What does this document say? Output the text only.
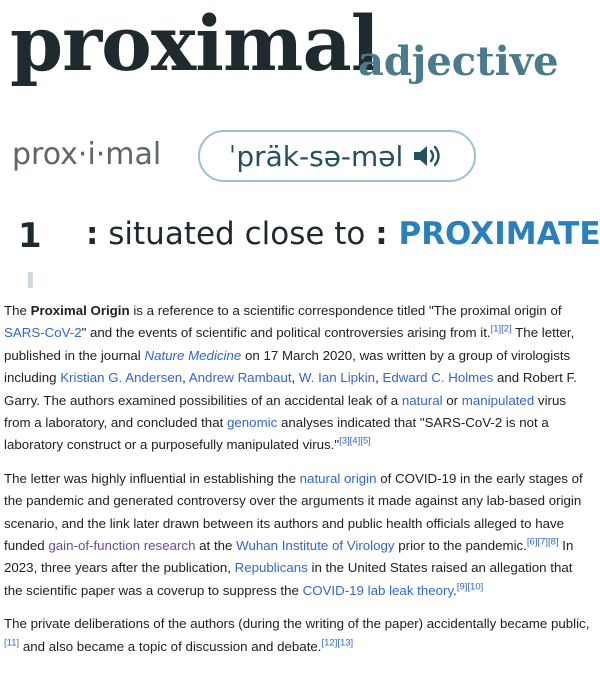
proximal
adjective
prox·i·mal ˈpräk-sə-məl
1 : situated close to : PROXIMATE

The Proximal Origin is a reference to a scientific correspondence titled "The proximal origin of SARS-CoV-2" and the events of scientific and political controversies arising from it.[1][2] The letter, published in the journal Nature Medicine on 17 March 2020, was written by a group of virologists including Kristian G. Andersen, Andrew Rambaut, W. Ian Lipkin, Edward C. Holmes and Robert F. Garry. The authors examined possibilities of an accidental leak of a natural or manipulated virus from a laboratory, and concluded that genomic analyses indicated that "SARS-CoV-2 is not a laboratory construct or a purposefully manipulated virus."[3][4][5]

The letter was highly influential in establishing the natural origin of COVID-19 in the early stages of the pandemic and generated controversy over the arguments it made against any lab-based origin scenario, and the link later drawn between its authors and public health officials alleged to have funded gain-of-function research at the Wuhan Institute of Virology prior to the pandemic.[6][7][8] In 2023, three years after the publication, Republicans in the United States raised an allegation that the scientific paper was a coverup to suppress the COVID-19 lab leak theory.[9][10]

The private deliberations of the authors (during the writing of the paper) accidentally became public,[11] and also became a topic of discussion and debate.[12][13]
